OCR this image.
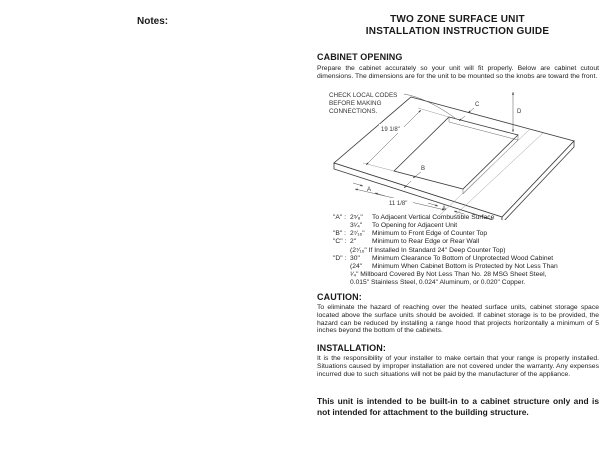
Notes:	TWO ZONE SURFACE UNIT
INSTALLATION INSTRUCTION GUIDE
CABINET OPENING
Prepare the cabinet accurately so your unit will fit properly. Below are cabinet cutout dimensions. The dimensions are for the unit to be mounted so the knobs are toward the front.
19 1/8"
11 1/8"
A
A
B
C
D
CHECK LOCAL CODES
BEFORE MAKING
CONNECTIONS.
"A" : 2⁵⁄₈"	To Adjacent Vertical Combustible Surface
3¹⁄₄"	To Opening for Adjacent Unit
"B" : 2⁷⁄₁₆"	Minimum to Front Edge of Counter Top
"C" : 2"	Minimum to Rear Edge or Rear Wall
(2⁷⁄₁₆" If Installed In Standard 24" Deep Counter Top)
"D" : 30"	Minimum Clearance To Bottom of Unprotected Wood Cabinet
(24"	Minimum When Cabinet Bottom is Protected by Not Less Than
¹⁄₄" Millboard Covered By Not Less Than No. 28 MSG Sheet Steel,
0.015" Stainless Steel, 0.024" Aluminum, or 0.020" Copper.
CAUTION:
To eliminate the hazard of reaching over the heated surface units, cabinet storage space located above the surface units should be avoided. If cabinet storage is to be provided, the hazard can be reduced by installing a range hood that projects horizontally a minimum of 5 inches beyond the bottom of the cabinets.
INSTALLATION:
It is the responsibility of your installer to make certain that your range is properly installed. Situations caused by improper installation are not covered under the warranty. Any expenses incurred due to such situations will not be paid by the manufacturer of the appliance.
This unit is intended to be built-in to a cabinet structure only and is not intended for attachment to the building structure.
